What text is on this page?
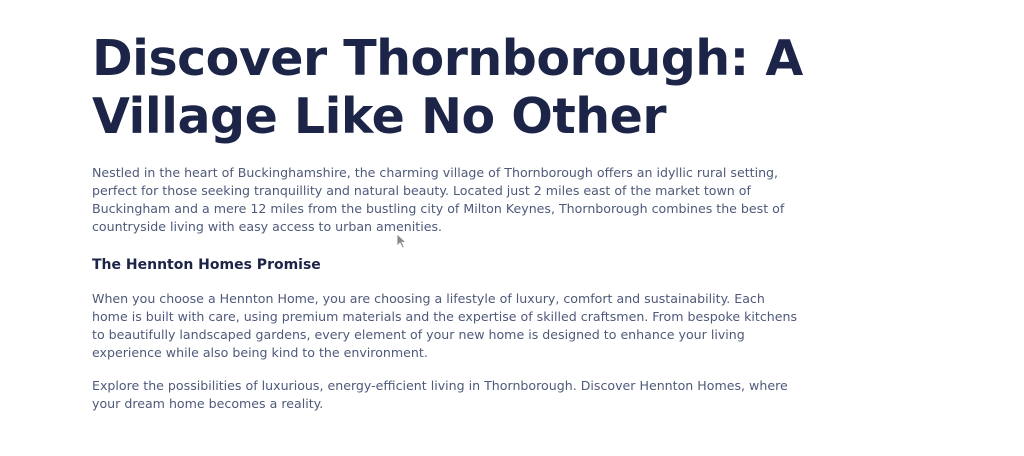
Discover Thornborough: A Village Like No Other

Nestled in the heart of Buckinghamshire, the charming village of Thornborough offers an idyllic rural setting, perfect for those seeking tranquillity and natural beauty. Located just 2 miles east of the market town of Buckingham and a mere 12 miles from the bustling city of Milton Keynes, Thornborough combines the best of countryside living with easy access to urban amenities.

The Hennton Homes Promise

When you choose a Hennton Home, you are choosing a lifestyle of luxury, comfort and sustainability. Each home is built with care, using premium materials and the expertise of skilled craftsmen. From bespoke kitchens to beautifully landscaped gardens, every element of your new home is designed to enhance your living experience while also being kind to the environment.

Explore the possibilities of luxurious, energy-efficient living in Thornborough. Discover Hennton Homes, where your dream home becomes a reality.
